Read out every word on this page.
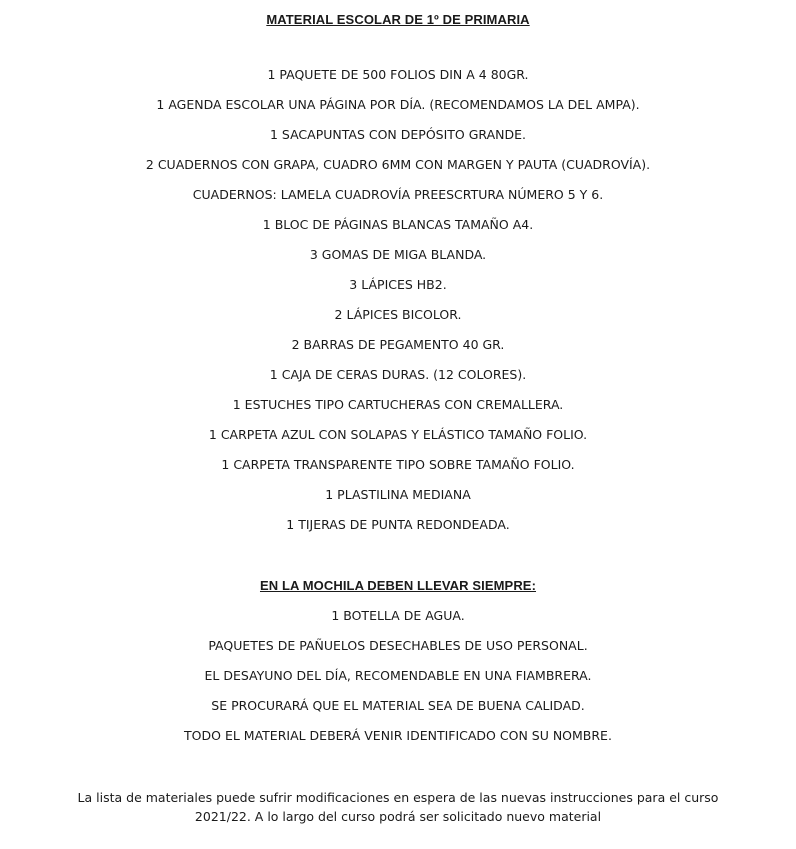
MATERIAL ESCOLAR DE 1º DE PRIMARIA
1 PAQUETE DE 500 FOLIOS DIN A 4 80GR.
1 AGENDA ESCOLAR UNA PÁGINA POR DÍA. (RECOMENDAMOS LA DEL AMPA).
1 SACAPUNTAS CON DEPÓSITO GRANDE.
2 CUADERNOS CON GRAPA, CUADRO 6MM CON MARGEN Y PAUTA (CUADROVÍA).
CUADERNOS: LAMELA CUADROVÍA PREESCRTURA NÚMERO 5 Y 6.
1 BLOC DE PÁGINAS BLANCAS TAMAÑO A4.
3 GOMAS DE MIGA BLANDA.
3 LÁPICES HB2.
2 LÁPICES BICOLOR.
2 BARRAS DE PEGAMENTO 40 GR.
1 CAJA DE CERAS DURAS. (12 COLORES).
1 ESTUCHES TIPO CARTUCHERAS CON CREMALLERA.
1 CARPETA AZUL CON SOLAPAS Y ELÁSTICO TAMAÑO FOLIO.
1 CARPETA TRANSPARENTE TIPO SOBRE TAMAÑO FOLIO.
1 PLASTILINA MEDIANA
1 TIJERAS DE PUNTA REDONDEADA.
EN LA MOCHILA DEBEN LLEVAR SIEMPRE:
1 BOTELLA DE AGUA.
PAQUETES DE PAÑUELOS DESECHABLES DE USO PERSONAL.
EL DESAYUNO DEL DÍA, RECOMENDABLE EN UNA FIAMBRERA.
SE PROCURARÁ QUE EL MATERIAL SEA DE BUENA CALIDAD.
TODO EL MATERIAL DEBERÁ VENIR IDENTIFICADO CON SU NOMBRE.
La lista de materiales puede sufrir modificaciones en espera de las nuevas instrucciones para el curso 2021/22. A lo largo del curso podrá ser solicitado nuevo material
